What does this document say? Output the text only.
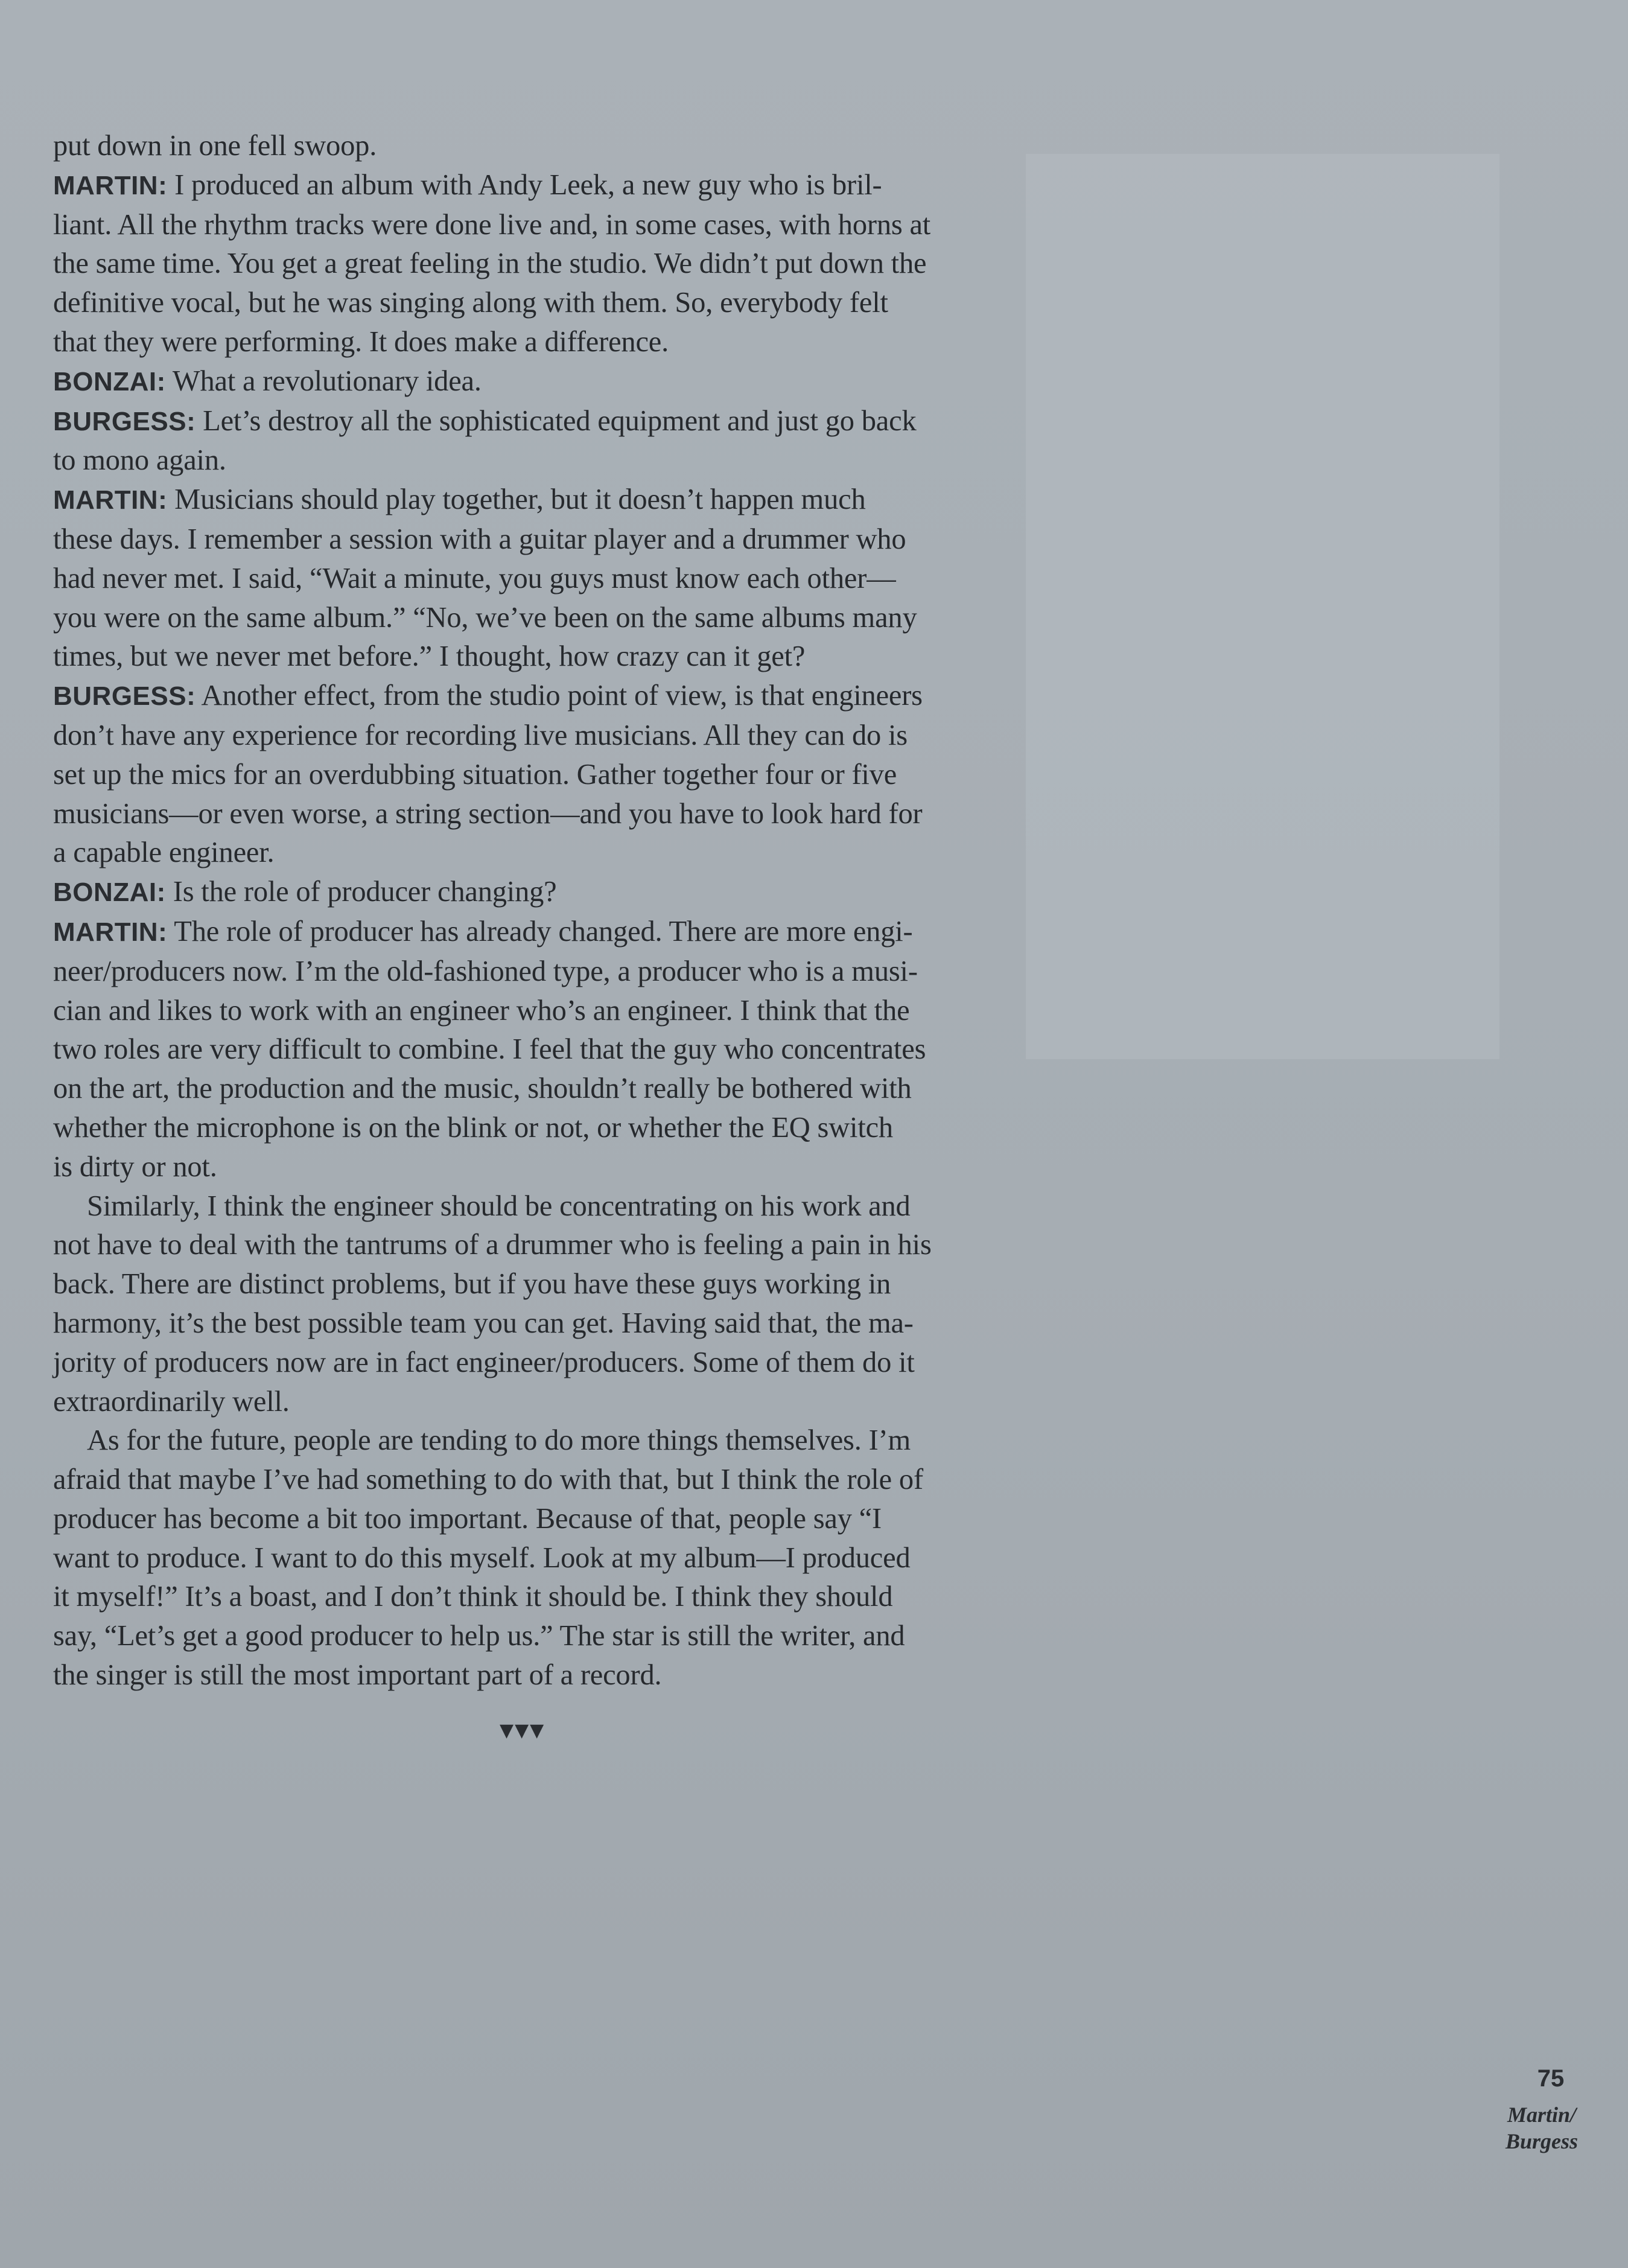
put down in one fell swoop.
MARTIN: I produced an album with Andy Leek, a new guy who is bril-
liant. All the rhythm tracks were done live and, in some cases, with horns at
the same time. You get a great feeling in the studio. We didn’t put down the
definitive vocal, but he was singing along with them. So, everybody felt
that they were performing. It does make a difference.
BONZAI: What a revolutionary idea.
BURGESS: Let’s destroy all the sophisticated equipment and just go back
to mono again.
MARTIN: Musicians should play together, but it doesn’t happen much
these days. I remember a session with a guitar player and a drummer who
had never met. I said, “Wait a minute, you guys must know each other—
you were on the same album.” “No, we’ve been on the same albums many
times, but we never met before.” I thought, how crazy can it get?
BURGESS: Another effect, from the studio point of view, is that engineers
don’t have any experience for recording live musicians. All they can do is
set up the mics for an overdubbing situation. Gather together four or five
musicians—or even worse, a string section—and you have to look hard for
a capable engineer.
BONZAI: Is the role of producer changing?
MARTIN: The role of producer has already changed. There are more engi-
neer/producers now. I’m the old-fashioned type, a producer who is a musi-
cian and likes to work with an engineer who’s an engineer. I think that the
two roles are very difficult to combine. I feel that the guy who concentrates
on the art, the production and the music, shouldn’t really be bothered with
whether the microphone is on the blink or not, or whether the EQ switch
is dirty or not.
Similarly, I think the engineer should be concentrating on his work and
not have to deal with the tantrums of a drummer who is feeling a pain in his
back. There are distinct problems, but if you have these guys working in
harmony, it’s the best possible team you can get. Having said that, the ma-
jority of producers now are in fact engineer/producers. Some of them do it
extraordinarily well.
As for the future, people are tending to do more things themselves. I’m
afraid that maybe I’ve had something to do with that, but I think the role of
producer has become a bit too important. Because of that, people say “I
want to produce. I want to do this myself. Look at my album—I produced
it myself!” It’s a boast, and I don’t think it should be. I think they should
say, “Let’s get a good producer to help us.” The star is still the writer, and
the singer is still the most important part of a record.
▼▼▼
75
Martin/
Burgess
